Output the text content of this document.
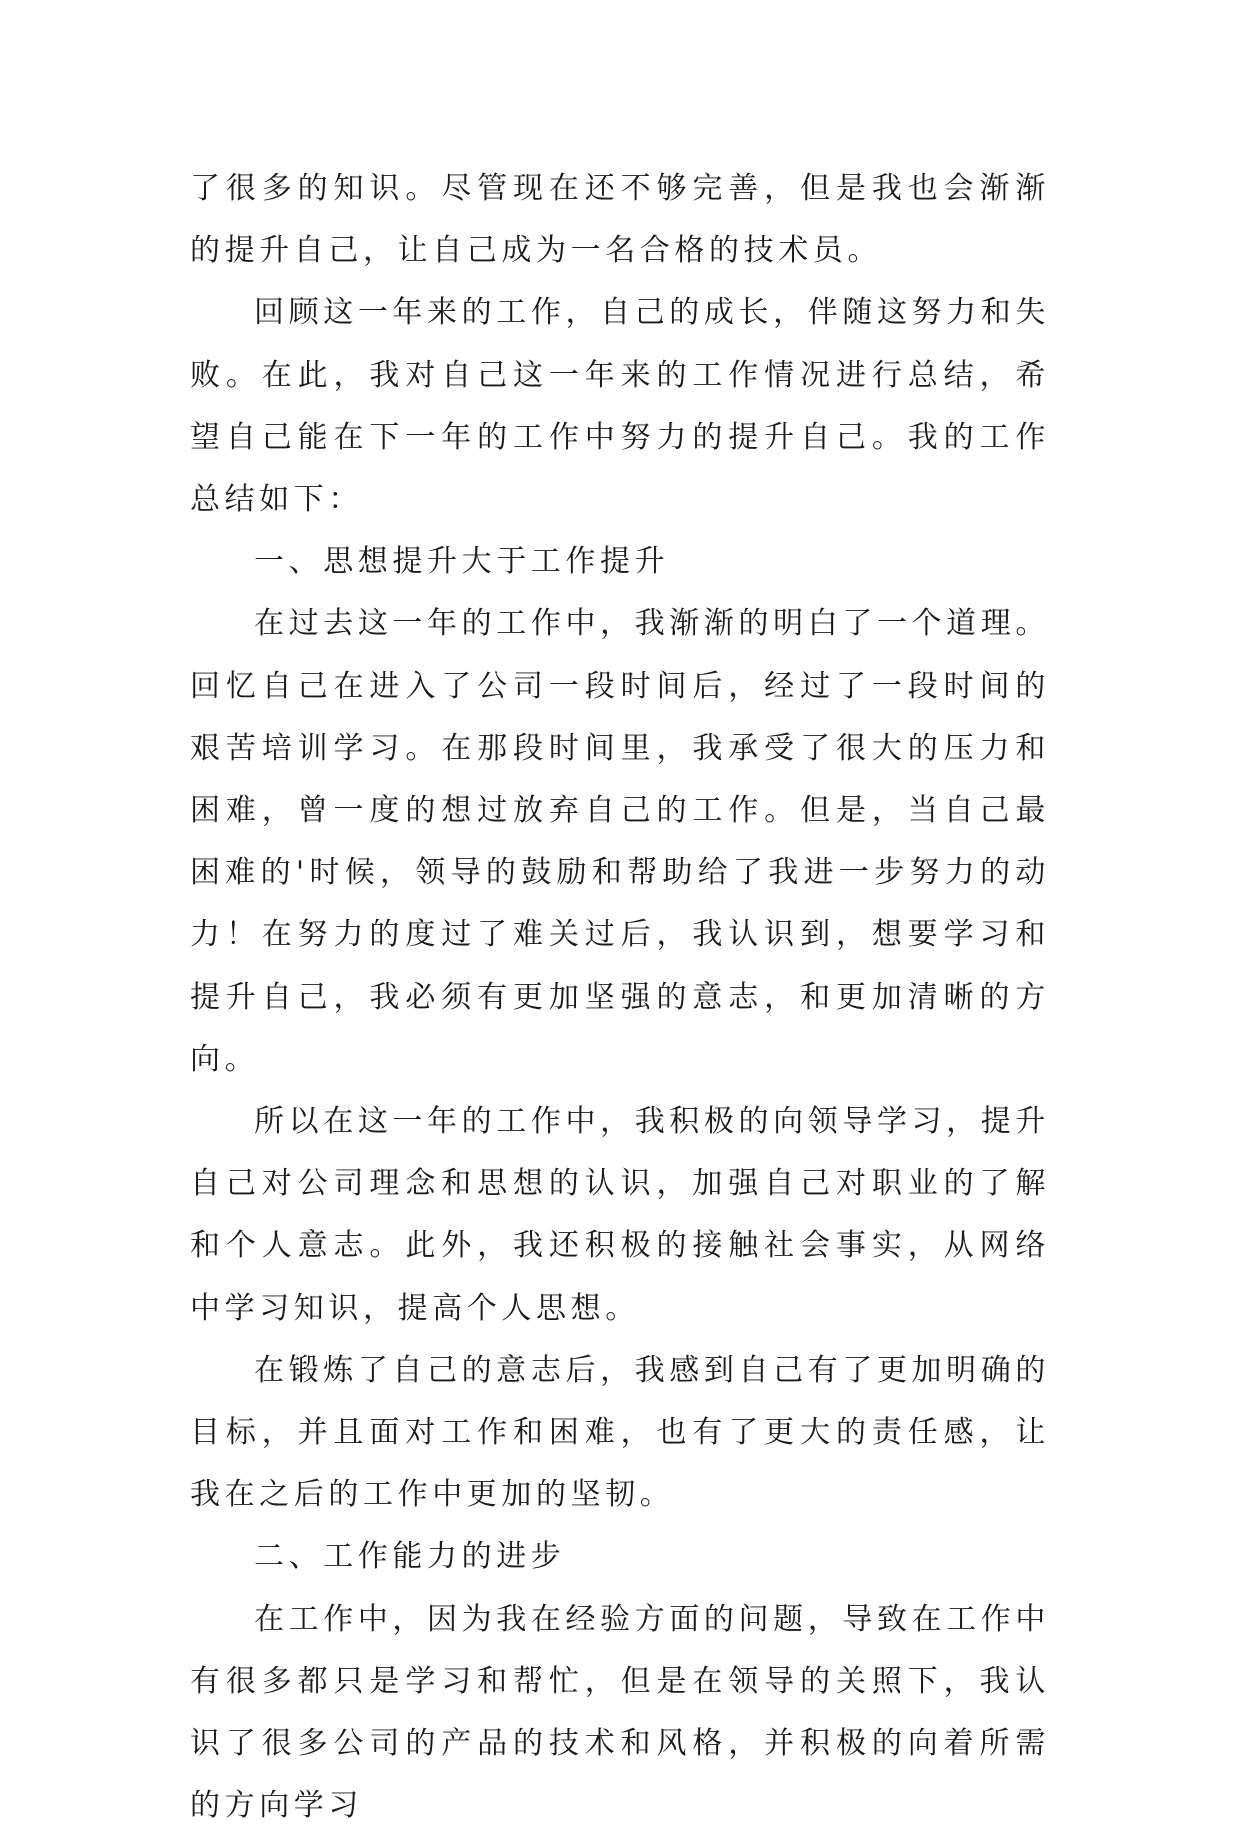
了很多的知识。尽管现在还不够完善，但是我也会渐渐的提升自己，让自己成为一名合格的技术员。

回顾这一年来的工作，自己的成长，伴随这努力和失败。在此，我对自己这一年来的工作情况进行总结，希望自己能在下一年的工作中努力的提升自己。我的工作总结如下：

一、思想提升大于工作提升

在过去这一年的工作中，我渐渐的明白了一个道理。回忆自己在进入了公司一段时间后，经过了一段时间的艰苦培训学习。在那段时间里，我承受了很大的压力和困难，曾一度的想过放弃自己的工作。但是，当自己最困难的'时候，领导的鼓励和帮助给了我进一步努力的动力！在努力的度过了难关过后，我认识到，想要学习和提升自己，我必须有更加坚强的意志，和更加清晰的方向。

所以在这一年的工作中，我积极的向领导学习，提升自己对公司理念和思想的认识，加强自己对职业的了解和个人意志。此外，我还积极的接触社会事实，从网络中学习知识，提高个人思想。

在锻炼了自己的意志后，我感到自己有了更加明确的目标，并且面对工作和困难，也有了更大的责任感，让我在之后的工作中更加的坚韧。

二、工作能力的进步

在工作中，因为我在经验方面的问题，导致在工作中有很多都只是学习和帮忙，但是在领导的关照下，我认识了很多公司的产品的技术和风格，并积极的向着所需的方向学习
